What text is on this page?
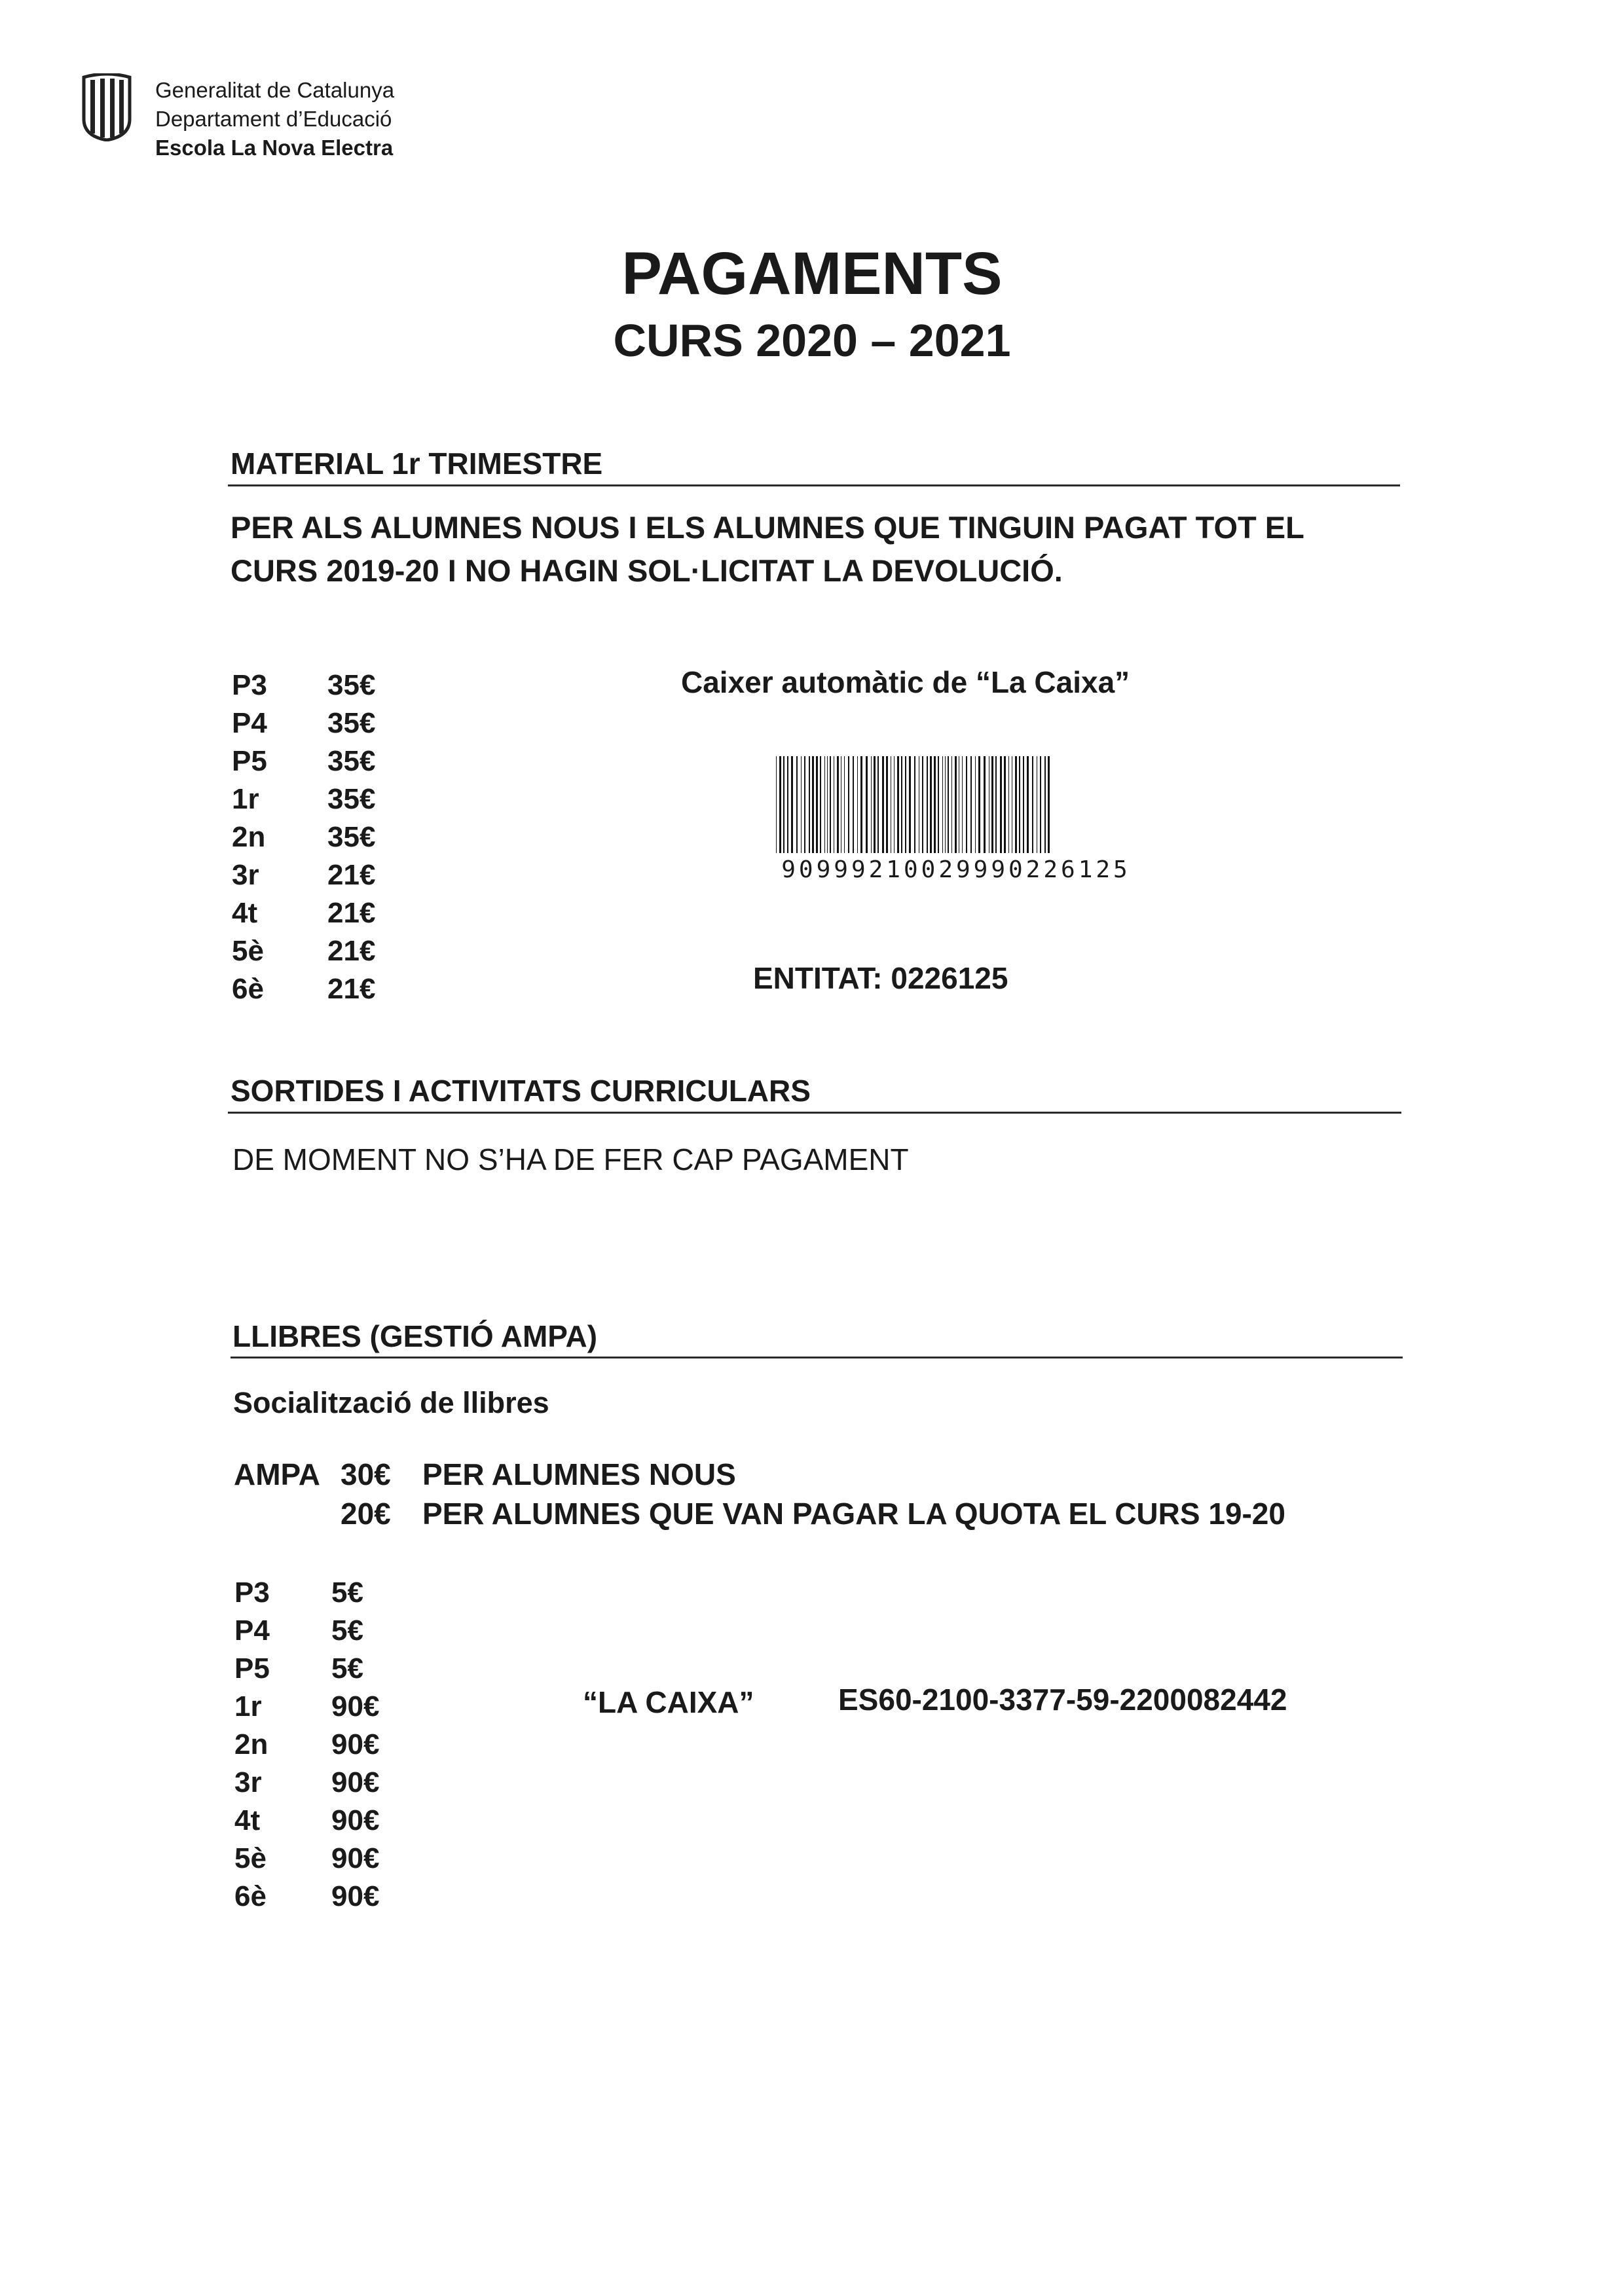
Generalitat de Catalunya
Departament d’Educació
Escola La Nova Electra
PAGAMENTS
CURS 2020 – 2021
MATERIAL 1r TRIMESTRE
PER ALS ALUMNES NOUS I ELS ALUMNES QUE TINGUIN PAGAT TOT EL
CURS 2019-20 I NO HAGIN SOL·LICITAT LA DEVOLUCIÓ.
P3 35€
P4 35€
P5 35€
1r 35€
2n 35€
3r 21€
4t 21€
5è 21€
6è 21€
Caixer automàtic de “La Caixa”
90999210029990226125
ENTITAT: 0226125
SORTIDES I ACTIVITATS CURRICULARS
DE MOMENT NO S’HA DE FER CAP PAGAMENT
LLIBRES (GESTIÓ AMPA)
Socialització de llibres
AMPA 30€ PER ALUMNES NOUS
20€ PER ALUMNES QUE VAN PAGAR LA QUOTA EL CURS 19-20
P3 5€
P4 5€
P5 5€
1r 90€
2n 90€
3r 90€
4t 90€
5è 90€
6è 90€
“LA CAIXA”	ES60-2100-3377-59-2200082442
